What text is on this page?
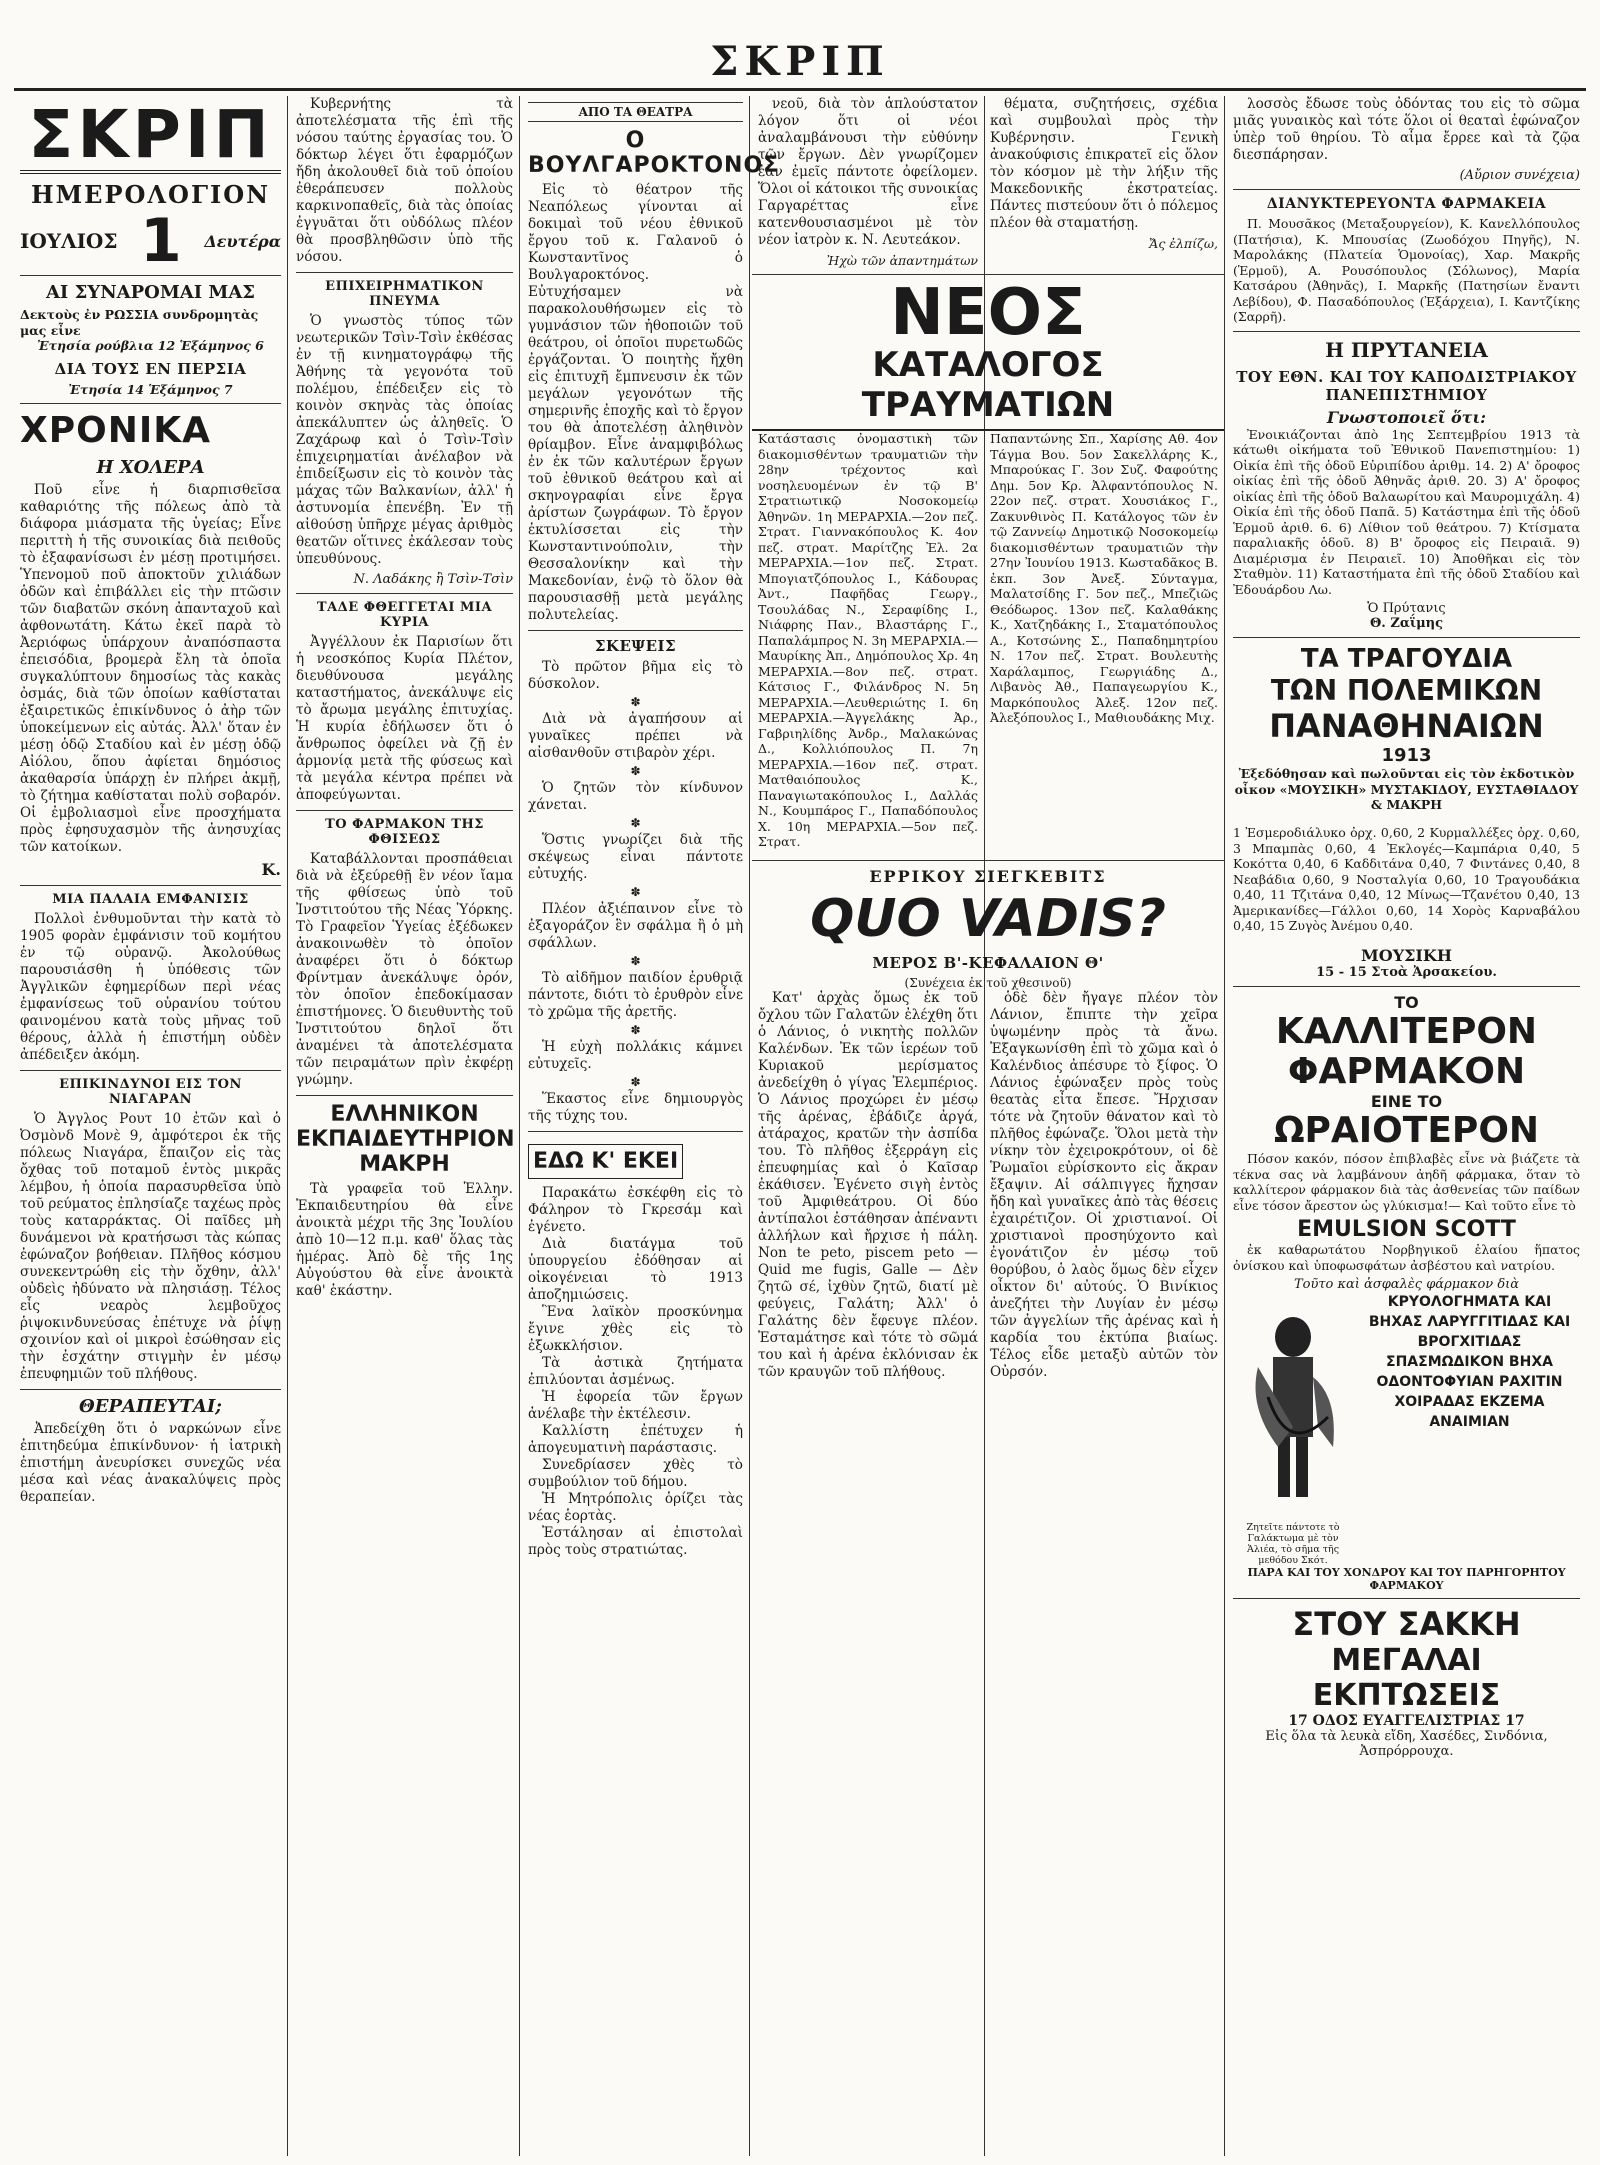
ΣΚΡΙΠ
ΣΚΡΙΠ
ΗΜΕΡΟΛΟΓΙΟΝ
ΙΟΥΛΙΟΣ 1 Δευτέρα
ΑΙ ΣΥΝΑΡΟΜΑΙ ΜΑΣ
Δεκτοὺς ἐν ΡΩΣΣΙΑ συνδρομητὰς μας εἶνε
Ἐτησία ρούβλια 12 Ἑξάμηνος 6
ΔΙΑ ΤΟΥΣ ΕΝ ΠΕΡΣΙΑ
Ἐτησία 14 Ἑξάμηνος 7
ΧΡΟΝΙΚΑ
Η ΧΟΛΕΡΑ

Ποῦ εἶνε ἡ διαρπισθεῖσα καθαριότης τῆς πόλεως ἀπὸ τὰ διάφορα μιάσματα τῆς ὑγείας; Εἶνε περιττὴ ἡ τῆς συνοικίας διὰ πειθοῦς τὸ ἐξαφανίσωσι ἐν μέσῃ προτιμήσει. Ὑπενομοῦ ποῦ ἀποκτοῦν χιλιάδων ὁδῶν καὶ ἐπιβάλλει εἰς τὴν πτῶσιν τῶν διαβατῶν σκόνη ἀπανταχοῦ καὶ ἀφθονωτάτη. Κάτω ἐκεῖ παρὰ τὸ Ἀεριόφως ὑπάρχουν ἀναπόσπαστα ἐπεισόδια, βρομερὰ ἔλη τὰ ὁποῖα συγκαλύπτουν δημοσίως τὰς κακὰς ὀσμάς, διὰ τῶν ὁποίων καθίσταται ἐξαιρετικῶς ἐπικίνδυνος ὁ ἀὴρ τῶν ὑποκείμενων εἰς αὐτάς. Ἀλλ' ὅταν ἐν μέσῃ ὁδῷ Σταδίου καὶ ἐν μέσῃ ὁδῷ Αἰόλου, ὅπου ἀφίεται δημόσιος ἀκαθαρσία ὑπάρχῃ ἐν πλήρει ἀκμῇ, τὸ ζήτημα καθίσταται πολὺ σοβαρόν. Οἱ ἐμβολιασμοὶ εἶνε προσχήματα πρὸς ἐφησυχασμὸν τῆς ἀνησυχίας τῶν κατοίκων.

Κ.
ΜΙΑ ΠΑΛΑΙΑ ΕΜΦΑΝΙΣΙΣ

Πολλοὶ ἐνθυμοῦνται τὴν κατὰ τὸ 1905 φορὰν ἐμφάνισιν τοῦ κομήτου ἐν τῷ οὐρανῷ. Ἀκολούθως παρουσιάσθη ἡ ὑπόθεσις τῶν Ἀγγλικῶν ἐφημερίδων περὶ νέας ἐμφανίσεως τοῦ οὐρανίου τούτου φαινομένου κατὰ τοὺς μῆνας τοῦ θέρους, ἀλλὰ ἡ ἐπιστήμη οὐδὲν ἀπέδειξεν ἀκόμη.

ΕΠΙΚΙΝΔΥΝΟΙ ΕΙΣ ΤΟΝ ΝΙΑΓΑΡΑΝ

Ὁ Ἀγγλος Ρουτ 10 ἐτῶν καὶ ὁ Ὀσμὸνδ Μονὲ 9, ἀμφότεροι ἐκ τῆς πόλεως Νιαγάρα, ἔπαιζον εἰς τὰς ὄχθας τοῦ ποταμοῦ ἐντὸς μικρᾶς λέμβου, ἡ ὁποία παρασυρθεῖσα ὑπὸ τοῦ ρεύματος ἐπλησίαζε ταχέως πρὸς τοὺς καταρράκτας. Οἱ παῖδες μὴ δυνάμενοι νὰ κρατήσωσι τὰς κώπας ἐφώναζον βοήθειαν. Πλῆθος κόσμου συνεκεντρώθη εἰς τὴν ὄχθην, ἀλλ' οὐδεὶς ἠδύνατο νὰ πλησιάσῃ. Τέλος εἷς νεαρὸς λεμβοῦχος ῥιψοκινδυνεύσας ἐπέτυχε νὰ ῥίψῃ σχοινίον καὶ οἱ μικροὶ ἐσώθησαν εἰς τὴν ἐσχάτην στιγμὴν ἐν μέσῳ ἐπευφημιῶν τοῦ πλήθους.

ΘΕΡΑΠΕΥΤΑΙ;

Ἀπεδείχθη ὅτι ὁ ναρκώνων εἶνε ἐπιτηδεύμα ἐπικίνδυνον· ἡ ἰατρικὴ ἐπιστήμη ἀνευρίσκει συνεχῶς νέα μέσα καὶ νέας ἀνακαλύψεις πρὸς θεραπείαν.

Κυβερνήτης τὰ ἀποτελέσματα τῆς ἐπὶ τῆς νόσου ταύτης ἐργασίας του. Ὁ δόκτωρ λέγει ὅτι ἐφαρμόζων ἤδη ἀκολουθεῖ διὰ τοῦ ὁποίου ἐθεράπευσεν πολλοὺς καρκινοπαθεῖς, διὰ τὰς ὁποίας ἐγγυᾶται ὅτι οὐδόλως πλέον θὰ προσβληθῶσιν ὑπὸ τῆς νόσου.

ΕΠΙΧΕΙΡΗΜΑΤΙΚΟΝ ΠΝΕΥΜΑ

Ὁ γνωστὸς τύπος τῶν νεωτερικῶν Τσὶν-Τσὶν ἐκθέσας ἐν τῇ κινηματογράφῳ τῆς Ἀθήνης τὰ γεγονότα τοῦ πολέμου, ἐπέδειξεν εἰς τὸ κοινὸν σκηνὰς τὰς ὁποίας ἀπεκάλυπτεν ὡς ἀληθεῖς. Ὁ Ζαχάρωφ καὶ ὁ Τσὶν-Τσὶν ἐπιχειρηματίαι ἀνέλαβον νὰ ἐπιδείξωσιν εἰς τὸ κοινὸν τὰς μάχας τῶν Βαλκανίων, ἀλλ' ἡ ἀστυνομία ἐπενέβη. Ἐν τῇ αἰθούσῃ ὑπῆρχε μέγας ἀριθμὸς θεατῶν οἵτινες ἐκάλεσαν τοὺς ὑπευθύνους.

Ν. Λαδάκης ἢ Τσὶν-Τσὶν
ΤΑΔΕ ΦΘΕΓΓΕΤΑΙ ΜΙΑ ΚΥΡΙΑ

Ἀγγέλλουν ἐκ Παρισίων ὅτι ἡ νεοσκόπος Κυρία Πλέτον, διευθύνουσα μεγάλης καταστήματος, ἀνεκάλυψε εἰς τὸ ἄρωμα μεγάλης ἐπιτυχίας. Ἡ κυρία ἐδήλωσεν ὅτι ὁ ἄνθρωπος ὀφείλει νὰ ζῇ ἐν ἁρμονίᾳ μετὰ τῆς φύσεως καὶ τὰ μεγάλα κέντρα πρέπει νὰ ἀποφεύγωνται.

ΤΟ ΦΑΡΜΑΚΟΝ ΤΗΣ ΦΘΙΣΕΩΣ

Καταβάλλονται προσπάθειαι διὰ νὰ ἐξεύρεθῇ ἓν νέον ἴαμα τῆς φθίσεως ὑπὸ τοῦ Ἰνστιτούτου τῆς Νέας Ὑόρκης. Τὸ Γραφεῖον Ὑγείας ἐξέδωκεν ἀνακοινωθὲν τὸ ὁποῖον ἀναφέρει ὅτι ὁ δόκτωρ Φρίντμαν ἀνεκάλυψε ὀρόν, τὸν ὁποῖον ἐπεδοκίμασαν ἐπιστήμονες. Ὁ διευθυντὴς τοῦ Ἰνστιτούτου δηλοῖ ὅτι ἀναμένει τὰ ἀποτελέσματα τῶν πειραμάτων πρὶν ἐκφέρῃ γνώμην.

ΕΛΛΗΝΙΚΟΝ ΕΚΠΑΙΔΕΥΤΗΡΙΟΝ ΜΑΚΡΗ

Τὰ γραφεῖα τοῦ Ἑλλην. Ἐκπαιδευτηρίου θὰ εἶνε ἀνοικτὰ μέχρι τῆς 3ης Ἰουλίου ἀπὸ 10—12 π.μ. καθ' ὅλας τὰς ἡμέρας. Ἀπὸ δὲ τῆς 1ης Αὐγούστου θὰ εἶνε ἀνοικτὰ καθ' ἑκάστην.

ΑΠΟ ΤΑ ΘΕΑΤΡΑ
Ο ΒΟΥΛΓΑΡΟΚΤΟΝΟΣ

Εἰς τὸ θέατρον τῆς Νεαπόλεως γίνονται αἱ δοκιμαὶ τοῦ νέου ἐθνικοῦ ἔργου τοῦ κ. Γαλανοῦ ὁ Κωνσταντῖνος ὁ Βουλγαροκτόνος. Εὐτυχήσαμεν νὰ παρακολουθήσωμεν εἰς τὸ γυμνάσιον τῶν ἠθοποιῶν τοῦ θεάτρου, οἱ ὁποῖοι πυρετωδῶς ἐργάζονται. Ὁ ποιητὴς ἤχθη εἰς ἐπιτυχῆ ἔμπνευσιν ἐκ τῶν μεγάλων γεγονότων τῆς σημερινῆς ἐποχῆς καὶ τὸ ἔργον του θὰ ἀποτελέσῃ ἀληθινὸν θρίαμβον. Εἶνε ἀναμφιβόλως ἐν ἐκ τῶν καλυτέρων ἔργων τοῦ ἐθνικοῦ θεάτρου καὶ αἱ σκηνογραφίαι εἶνε ἔργα ἀρίστων ζωγράφων. Τὸ ἔργον ἐκτυλίσσεται εἰς τὴν Κωνσταντινούπολιν, τὴν Θεσσαλονίκην καὶ τὴν Μακεδονίαν, ἐνῷ τὸ ὅλον θὰ παρουσιασθῇ μετὰ μεγάλης πολυτελείας.

ΣΚΕΨΕΙΣ

Τὸ πρῶτον βῆμα εἰς τὸ δύσκολον.

✽

Διὰ νὰ ἀγαπήσουν αἱ γυναῖκες πρέπει νὰ αἰσθανθοῦν στιβαρὸν χέρι.

✽

Ὁ ζητῶν τὸν κίνδυνον χάνεται.

✽

Ὅστις γνωρίζει διὰ τῆς σκέψεως εἶναι πάντοτε εὐτυχής.

✽

Πλέον ἀξιέπαινον εἶνε τὸ ἐξαγοράζον ἓν σφάλμα ἢ ὁ μὴ σφάλλων.

✽

Τὸ αἰδῆμον παιδίον ἐρυθριᾷ πάντοτε, διότι τὸ ἐρυθρὸν εἶνε τὸ χρῶμα τῆς ἀρετῆς.

✽

Ἡ εὐχὴ πολλάκις κάμνει εὐτυχεῖς.

✽

Ἕκαστος εἶνε δημιουργὸς τῆς τύχης του.

ΕΔΩ Κ' ΕΚΕΙ

Παρακάτω ἐσκέφθη εἰς τὸ Φάληρον τὸ Γκρεσάμ καὶ ἐγένετο.

Διὰ διατάγμα τοῦ ὑπουργείου ἐδόθησαν αἱ οἰκογένειαι τὸ 1913 ἀποζημιώσεις.

Ἓνα λαϊκὸν προσκύνημα ἔγινε χθὲς εἰς τὸ ἐξωκκλήσιον.

Τὰ ἀστικὰ ζητήματα ἐπιλύονται ἀσμένως.

Ἡ ἐφορεία τῶν ἔργων ἀνέλαβε τὴν ἐκτέλεσιν.

Καλλίστη ἐπέτυχεν ἡ ἀπογευματινὴ παράστασις.

Συνεδρίασεν χθὲς τὸ συμβούλιον τοῦ δήμου.

Ἡ Μητρόπολις ὁρίζει τὰς νέας ἑορτὰς.

Ἐστάλησαν αἱ ἐπιστολαὶ πρὸς τοὺς στρατιώτας.

νεοῦ, διὰ τὸν ἁπλούστατον λόγον ὅτι οἱ νέοι ἀναλαμβάνουσι τὴν εὐθύνην τῶν ἔργων. Δὲν γνωρίζομεν ἐὰν ἐμεῖς πάντοτε ὀφείλομεν. Ὅλοι οἱ κάτοικοι τῆς συνοικίας Γαργαρέττας εἶνε κατενθουσιασμένοι μὲ τὸν νέον ἰατρὸν κ. Ν. Λευτεάκον.

Ἠχὼ τῶν ἀπαντημάτων

θέματα, συζητήσεις, σχέδια καὶ συμβουλαὶ πρὸς τὴν Κυβέρνησιν. Γενικὴ ἀνακούφισις ἐπικρατεῖ εἰς ὅλον τὸν κόσμον μὲ τὴν λήξιν τῆς Μακεδονικῆς ἐκστρατείας. Πάντες πιστεύουν ὅτι ὁ πόλεμος πλέον θὰ σταματήσῃ.

Ἄς ἐλπίζω,
ΝΕΟΣ
ΚΑΤΑΛΟΓΟΣ ΤΡΑΥΜΑΤΙΩΝ

Κατάστασις ὀνομαστικὴ τῶν διακομισθέντων τραυματιῶν τὴν 28ην τρέχοντος καὶ νοσηλευομένων ἐν τῷ Β' Στρατιωτικῷ Νοσοκομείῳ Ἀθηνῶν. 1η ΜΕΡΑΡΧΙΑ.—2ον πεζ. Στρατ. Γιαννακόπουλος Κ. 4ον πεζ. στρατ. Μαρίτζης Ἐλ. 2α ΜΕΡΑΡΧΙΑ.—1ον πεζ. Στρατ. Μπογιατζόπουλος Ι., Κάδουρας Ἀντ., Παφῆδας Γεωργ., Τσουλάδας Ν., Σεραφίδης Ι., Νιάφρης Παν., Βλαστάρης Γ., Παπαλάμπρος Ν. 3η ΜΕΡΑΡΧΙΑ.—Μαυρίκης Ἀπ., Δημόπουλος Χρ. 4η ΜΕΡΑΡΧΙΑ.—8ον πεζ. στρατ. Κάτσιος Γ., Φιλάνδρος Ν. 5η ΜΕΡΑΡΧΙΑ.—Λευθεριώτης Ι. 6η ΜΕΡΑΡΧΙΑ.—Ἀγγελάκης Ἀρ., Γαβριηλίδης Ἀνδρ., Μαλακώνας Δ., Κολλιόπουλος Π. 7η ΜΕΡΑΡΧΙΑ.—16ον πεζ. στρατ. Ματθαιόπουλος Κ., Παναγιωτακόπουλος Ι., Δαλλάς Ν., Κουμπάρος Γ., Παπαδόπουλος Χ. 10η ΜΕΡΑΡΧΙΑ.—5ον πεζ. Στρατ.

Παπαντώνης Σπ., Χαρίσης Αθ. 4ον Τάγμα Βου. 5ον Σακελλάρης Κ., Μπαρούκας Γ. 3ον Συζ. Φαφούτης Δημ. 5ον Κρ. Ἀλφαντόπουλος Ν. 22ον πεζ. στρατ. Χουσιάκος Γ., Ζακυνθινὸς Π. Κατάλογος τῶν ἐν τῷ Ζαννείῳ Δημοτικῷ Νοσοκομείῳ διακομισθέντων τραυματιῶν τὴν 27ην Ἰουνίου 1913. Κωσταδᾶκος Β. ἐκπ. 3ον Ἀνεξ. Σύνταγμα, Μαλατσίδης Γ. 5ον πεζ., Μπεζιῶς Θεόδωρος. 13ον πεζ. Καλαθάκης Κ., Χατζηδάκης Ι., Σταματόπουλος Α., Κοτσώνης Σ., Παπαδημητρίου Ν. 17ον πεζ. Στρατ. Βουλευτὴς Χαράλαμπος, Γεωργιάδης Δ., Λιβανὸς Ἀθ., Παπαγεωργίου Κ., Μαρκόπουλος Ἀλεξ. 12ον πεζ. Ἀλεξόπουλος Ι., Μαθιουδάκης Μιχ.

ΕΡΡΙΚΟΥ ΣΙΕΓΚΕΒΙΤΣ
QUO VADIS?
ΜΕΡΟΣ Β'-ΚΕΦΑΛΑΙΟΝ Θ'
(Συνέχεια ἐκ τοῦ χθεσινοῦ)

Κατ' ἀρχὰς ὅμως ἐκ τοῦ ὄχλου τῶν Γαλατῶν ἐλέχθη ὅτι ὁ Λάνιος, ὁ νικητὴς πολλῶν Καλένδων. Ἐκ τῶν ἱερέων τοῦ Κυριακοῦ μερίσματος ἀνεδείχθη ὁ γίγας Ἐλεμπέριος. Ὁ Λάνιος προχώρει ἐν μέσῳ τῆς ἀρένας, ἐβάδιζε ἀργά, ἀτάραχος, κρατῶν τὴν ἀσπίδα του. Τὸ πλῆθος ἐξερράγη εἰς ἐπευφημίας καὶ ὁ Καῖσαρ ἐκάθισεν. Ἐγένετο σιγὴ ἐντὸς τοῦ Ἀμφιθεάτρου. Οἱ δύο ἀντίπαλοι ἐστάθησαν ἀπέναντι ἀλλήλων καὶ ἤρχισε ἡ πάλη. Non te peto, piscem peto — Quid me fugis, Galle — Δὲν ζητῶ σέ, ἰχθὺν ζητῶ, διατί μὲ φεύγεις, Γαλάτη; Ἀλλ' ὁ Γαλάτης δὲν ἔφευγε πλέον. Ἐσταμάτησε καὶ τότε τὸ σῶμά του καὶ ἡ ἀρένα ἐκλόνισαν ἐκ τῶν κραυγῶν τοῦ πλήθους.

ὁδὲ δὲν ἤγαγε πλέον τὸν Λάνιον, ἔπιπτε τὴν χεῖρα ὑψωμένην πρὸς τὰ ἄνω. Ἐξαγκωνίσθη ἐπὶ τὸ χῶμα καὶ ὁ Καλένδιος ἀπέσυρε τὸ ξίφος. Ὁ Λάνιος ἐφώναξεν πρὸς τοὺς θεατὰς εἶτα ἔπεσε. Ἤρχισαν τότε νὰ ζητοῦν θάνατον καὶ τὸ πλῆθος ἐφώναζε. Ὅλοι μετὰ τὴν νίκην τὸν ἐχειροκρότουν, οἱ δὲ Ῥωμαῖοι εὐρίσκοντο εἰς ἄκραν ἔξαψιν. Αἱ σάλπιγγες ἤχησαν ἤδη καὶ γυναῖκες ἀπὸ τὰς θέσεις ἐχαιρέτιζον. Οἱ χριστιανοί. Οἱ χριστιανοὶ προσηύχοντο καὶ ἐγονάτιζον ἐν μέσῳ τοῦ θορύβου, ὁ λαὸς ὅμως δὲν εἶχεν οἶκτον δι' αὐτούς. Ὁ Βινίκιος ἀνεζήτει τὴν Λυγίαν ἐν μέσῳ τῶν ἀγγελίων τῆς ἀρένας καὶ ἡ καρδία του ἐκτύπα βιαίως. Τέλος εἶδε μεταξὺ αὐτῶν τὸν Οὐρσόν.

λοσσὸς ἔδωσε τοὺς ὀδόντας του εἰς τὸ σῶμα μιᾶς γυναικὸς καὶ τότε ὅλοι οἱ θεαταὶ ἐφώναζον ὑπὲρ τοῦ θηρίου. Τὸ αἷμα ἔρρεε καὶ τὰ ζῷα διεσπάρησαν.

(Αὔριον συνέχεια)
ΔΙΑΝΥΚΤΕΡΕΥΟΝΤΑ ΦΑΡΜΑΚΕΙΑ

Π. Μουσᾶκος (Μεταξουργείον), Κ. Κανελλόπουλος (Πατήσια), Κ. Μπουσίας (Ζωοδόχου Πηγῆς), Ν. Μαρολάκης (Πλατεία Ὁμονοίας), Χαρ. Μακρῆς (Ἑρμοῦ), Α. Ρουσόπουλος (Σόλωνος), Μαρία Κατσάρου (Ἀθηνᾶς), Ι. Μαρκῆς (Πατησίων ἔναντι Λεβίδου), Φ. Πασαδόπουλος (Ἐξάρχεια), Ι. Καντζίκης (Σαρρῆ).

Η ΠΡΥΤΑΝΕΙΑ
ΤΟΥ ΕΘΝ. ΚΑΙ ΤΟΥ ΚΑΠΟΔΙΣΤΡΙΑΚΟΥ ΠΑΝΕΠΙΣΤΗΜΙΟΥ
Γνωστοποιεῖ ὅτι:

Ἐνοικιάζονται ἀπὸ 1ης Σεπτεμβρίου 1913 τὰ κάτωθι οἰκήματα τοῦ Ἐθνικοῦ Πανεπιστημίου: 1) Οἰκία ἐπὶ τῆς ὁδοῦ Εὐριπίδου ἀριθμ. 14. 2) Α' ὄροφος οἰκίας ἐπὶ τῆς ὁδοῦ Ἀθηνᾶς ἀριθ. 20. 3) Α' ὄροφος οἰκίας ἐπὶ τῆς ὁδοῦ Βαλαωρίτου καὶ Μαυρομιχάλη. 4) Οἰκία ἐπὶ τῆς ὁδοῦ Παπᾶ. 5) Κατάστημα ἐπὶ τῆς ὁδοῦ Ἑρμοῦ ἀριθ. 6. 6) Λίθιον τοῦ θεάτρου. 7) Κτίσματα παραλιακῆς ὁδοῦ. 8) Β' ὄροφος εἰς Πειραιᾶ. 9) Διαμέρισμα ἐν Πειραιεῖ. 10) Ἀποθῆκαι εἰς τὸν Σταθμὸν. 11) Καταστήματα ἐπὶ τῆς ὁδοῦ Σταδίου καὶ Ἐδουάρδου Λω.

Ὁ Πρύτανις
Θ. Ζαΐμης
ΤΑ ΤΡΑΓΟΥΔΙΑ
ΤΩΝ ΠΟΛΕΜΙΚΩΝ
ΠΑΝΑΘΗΝΑΙΩΝ
1913
Ἐξεδόθησαν καὶ πωλοῦνται εἰς τὸν ἐκδοτικὸν οἶκον «ΜΟΥΣΙΚΗ» ΜΥΣΤΑΚΙΔΟΥ, ΕΥΣΤΑΘΙΑΔΟΥ & ΜΑΚΡΗ

1 Ἐσμεροδιάλυκο ὀρχ. 0,60, 2 Κυρμαλλέξες ὀρχ. 0,60, 3 Μπαμπὰς 0,60, 4 Ἐκλογές—Καμπάρια 0,40, 5 Κοκόττα 0,40, 6 Καδδιτάνα 0,40, 7 Φιντάνες 0,40, 8 Νεαβάδια 0,60, 9 Νοσταλγία 0,60, 10 Τραγουδάκια 0,40, 11 Τζιτάνα 0,40, 12 Μίνως—Τζανέτου 0,40, 13 Ἀμερικανίδες—Γάλλοι 0,60, 14 Χορὸς Καρναβάλου 0,40, 15 Ζυγὸς Ἀνέμου 0,40.

ΜΟΥΣΙΚΗ
15 - 15 Στοὰ Ἀρσακείου.
ΤΟ
ΚΑΛΛΙΤΕΡΟΝ
ΦΑΡΜΑΚΟΝ
ΕΙΝΕ ΤΟ
ΩΡΑΙΟΤΕΡΟΝ

Πόσον κακόν, πόσον ἐπιβλαβὲς εἶνε νὰ βιάζετε τὰ τέκνα σας νὰ λαμβάνουν ἀηδῆ φάρμακα, ὅταν τὸ καλλίτερον φάρμακον διὰ τὰς ἀσθενείας τῶν παίδων εἶνε τόσον ἄρεστον ὡς γλύκισμα!— Καὶ τοῦτο εἶνε τὸ

EMULSION SCOTT

ἐκ καθαρωτάτου Νορβηγικοῦ ἐλαίου ἥπατος ὀνίσκου καὶ ὑποφωσφάτων ἀσβέστου καὶ νατρίου.

Τοῦτο καὶ ἀσφαλὲς φάρμακον διὰ
Ζητεῖτε πάντοτε τὸ Γαλάκτωμα μὲ τὸν Ἁλιέα, τὸ σῆμα τῆς μεθόδου Σκότ.
ΚΡΥΟΛΟΓΗΜΑΤΑ ΚΑΙ ΒΗΧΑΣ ΛΑΡΥΓΓΙΤΙΔΑΣ ΚΑΙ ΒΡΟΓΧΙΤΙΔΑΣ ΣΠΑΣΜΩΔΙΚΟΝ ΒΗΧΑ ΟΔΟΝΤΟΦΥΙΑΝ ΡΑΧΙΤΙΝ ΧΟΙΡΑΔΑΣ ΕΚΖΕΜΑ ΑΝΑΙΜΙΑΝ
ΠΑΡΑ ΚΑΙ ΤΟΥ ΧΟΝΔΡΟΥ ΚΑΙ ΤΟΥ ΠΑΡΗΓΟΡΗΤΟΥ ΦΑΡΜΑΚΟΥ
ΣΤΟΥ ΣΑΚΚΗ
ΜΕΓΑΛΑΙ ΕΚΠΤΩΣΕΙΣ
17 ΟΔΟΣ ΕΥΑΓΓΕΛΙΣΤΡΙΑΣ 17
Εἰς ὅλα τὰ λευκὰ εἴδη, Χασέδες, Σινδόνια, Ἀσπρόρρουχα.
